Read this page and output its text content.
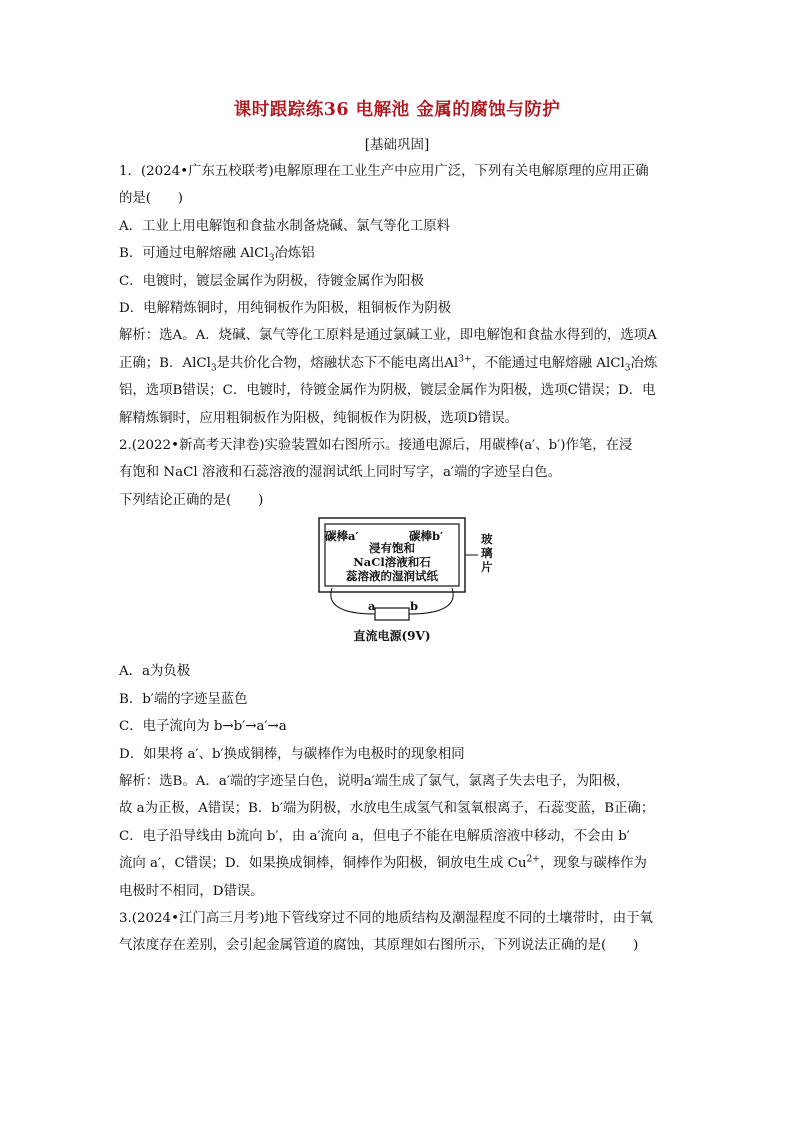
课时跟踪练36 电解池 金属的腐蚀与防护
[基础巩固]

1．(2024•广东五校联考)电解原理在工业生产中应用广泛，下列有关电解原理的应用正确

的是(　　)

A．工业上用电解饱和食盐水制备烧碱、氯气等化工原料

B．可通过电解熔融 AlCl$_3$冶炼铝

C．电镀时，镀层金属作为阴极，待镀金属作为阳极

D．电解精炼铜时，用纯铜板作为阳极，粗铜板作为阴极

解析：选A。A．烧碱、氯气等化工原料是通过氯碱工业，即电解饱和食盐水得到的，选项A

正确；B．AlCl$_3$是共价化合物，熔融状态下不能电离出$Al^{3+}$，不能通过电解熔融 AlCl$_3$冶炼

铝，选项B错误；C．电镀时，待镀金属作为阴极，镀层金属作为阳极，选项C错误；D．电

解精炼铜时，应用粗铜板作为阳极，纯铜板作为阴极，选项D错误。

2.(2022•新高考天津卷)实验装置如右图所示。接通电源后，用碳棒(a′、b′)作笔，在浸

有饱和 NaCl 溶液和石蕊溶液的湿润试纸上同时写字，a′端的字迹呈白色。

下列结论正确的是(　　)

碳棒a′	碳棒b′
浸有饱和
NaCl溶液和石
蕊溶液的湿润试纸
玻
璃
片
a	b
直流电源(9V)

A．a为负极

B．b′端的字迹呈蓝色

C．电子流向为 b→b′→a′→a

D．如果将 a′、b′换成铜棒，与碳棒作为电极时的现象相同

解析：选B。A．a′端的字迹呈白色，说明a′端生成了氯气，氯离子失去电子，为阳极，

故 a为正极，A错误；B．b′端为阴极，水放电生成氢气和氢氧根离子，石蕊变蓝，B正确；

C．电子沿导线由 b流向 b′，由 a′流向 a，但电子不能在电解质溶液中移动，不会由 b′

流向 a′，C错误；D．如果换成铜棒，铜棒作为阳极，铜放电生成 $Cu^{2+}$，现象与碳棒作为

电极时不相同，D错误。

3.(2024•江门高三月考)地下管线穿过不同的地质结构及潮湿程度不同的土壤带时，由于氧

气浓度存在差别，会引起金属管道的腐蚀，其原理如右图所示，下列说法正确的是(　　)
